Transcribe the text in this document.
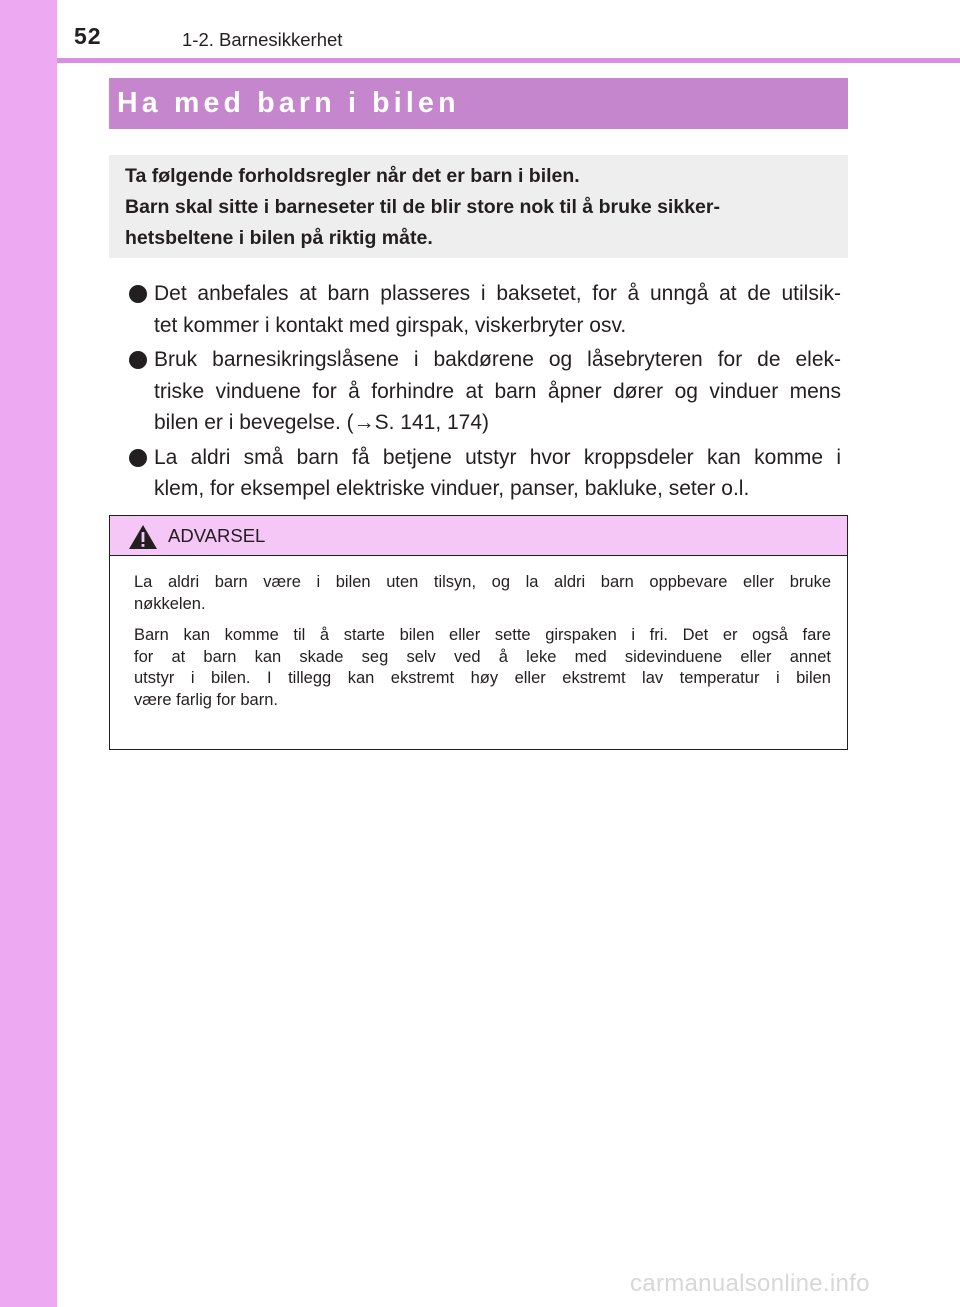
52	1-2. Barnesikkerhet
Ha med barn i bilen
Ta følgende forholdsregler når det er barn i bilen.
Barn skal sitte i barneseter til de blir store nok til å bruke sikker-
hetsbeltene i bilen på riktig måte.
Det anbefales at barn plasseres i baksetet, for å unngå at de utilsik-
tet kommer i kontakt med girspak, viskerbryter osv.
Bruk barnesikringslåsene i bakdørene og låsebryteren for de elek-
triske vinduene for å forhindre at barn åpner dører og vinduer mens
bilen er i bevegelse. (→S. 141, 174)
La aldri små barn få betjene utstyr hvor kroppsdeler kan komme i
klem, for eksempel elektriske vinduer, panser, bakluke, seter o.l.
ADVARSEL
La aldri barn være i bilen uten tilsyn, og la aldri barn oppbevare eller bruke
nøkkelen.
Barn kan komme til å starte bilen eller sette girspaken i fri. Det er også fare
for at barn kan skade seg selv ved å leke med sidevinduene eller annet
utstyr i bilen. I tillegg kan ekstremt høy eller ekstremt lav temperatur i bilen
være farlig for barn.
carmanualsonline.info
